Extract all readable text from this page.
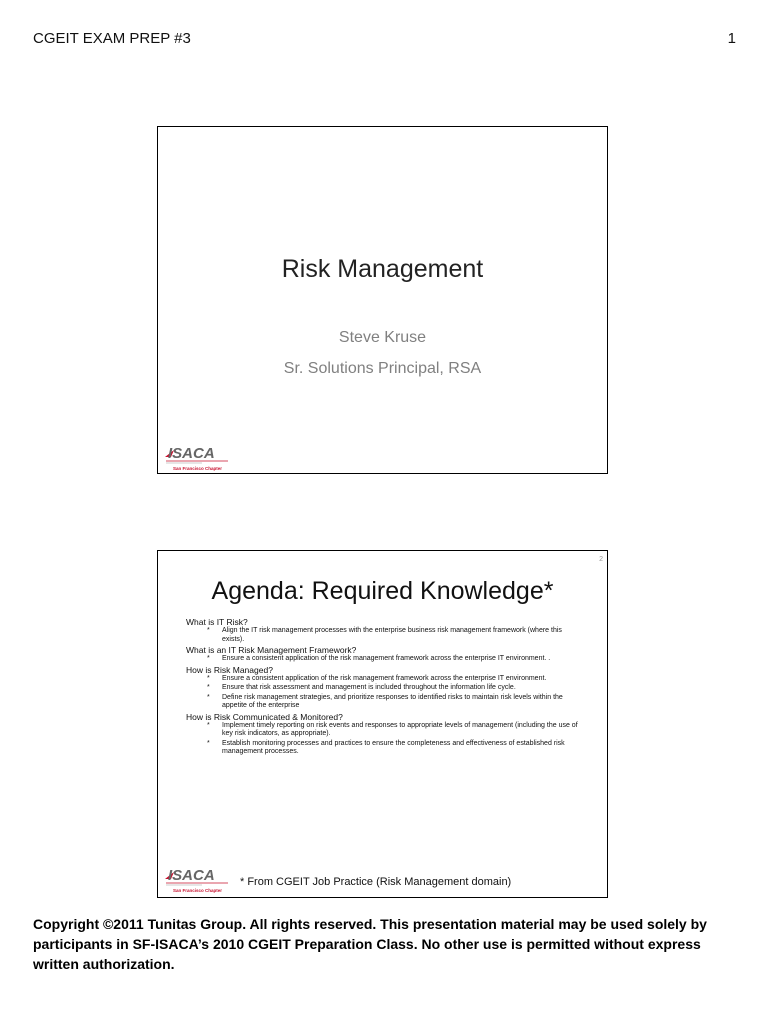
CGEIT EXAM PREP #3	1
Risk Management
Steve Kruse
Sr. Solutions Principal, RSA
ISACA
San Francisco Chapter
2
Agenda: Required Knowledge*

What is IT Risk?

* Align the IT risk management processes with the enterprise business risk management framework (where this exists).

What is an IT Risk Management Framework?

* Ensure a consistent application of the risk management framework across the enterprise IT environment. .

How is Risk Managed?

* Ensure a consistent application of the risk management framework across the enterprise IT environment.

* Ensure that risk assessment and management is included throughout the information life cycle.

* Define risk management strategies, and prioritize responses to identified risks to maintain risk levels within the appetite of the enterprise

How is Risk Communicated & Monitored?

* Implement timely reporting on risk events and responses to appropriate levels of management (including the use of key risk indicators, as appropriate).

* Establish monitoring processes and practices to ensure the completeness and effectiveness of established risk management processes.

ISACA
San Francisco Chapter
* From CGEIT Job Practice (Risk Management domain)
Copyright ©2011 Tunitas Group. All rights reserved. This presentation material may be used solely by participants in SF-ISACA’s 2010 CGEIT Preparation Class. No other use is permitted without express written authorization.
